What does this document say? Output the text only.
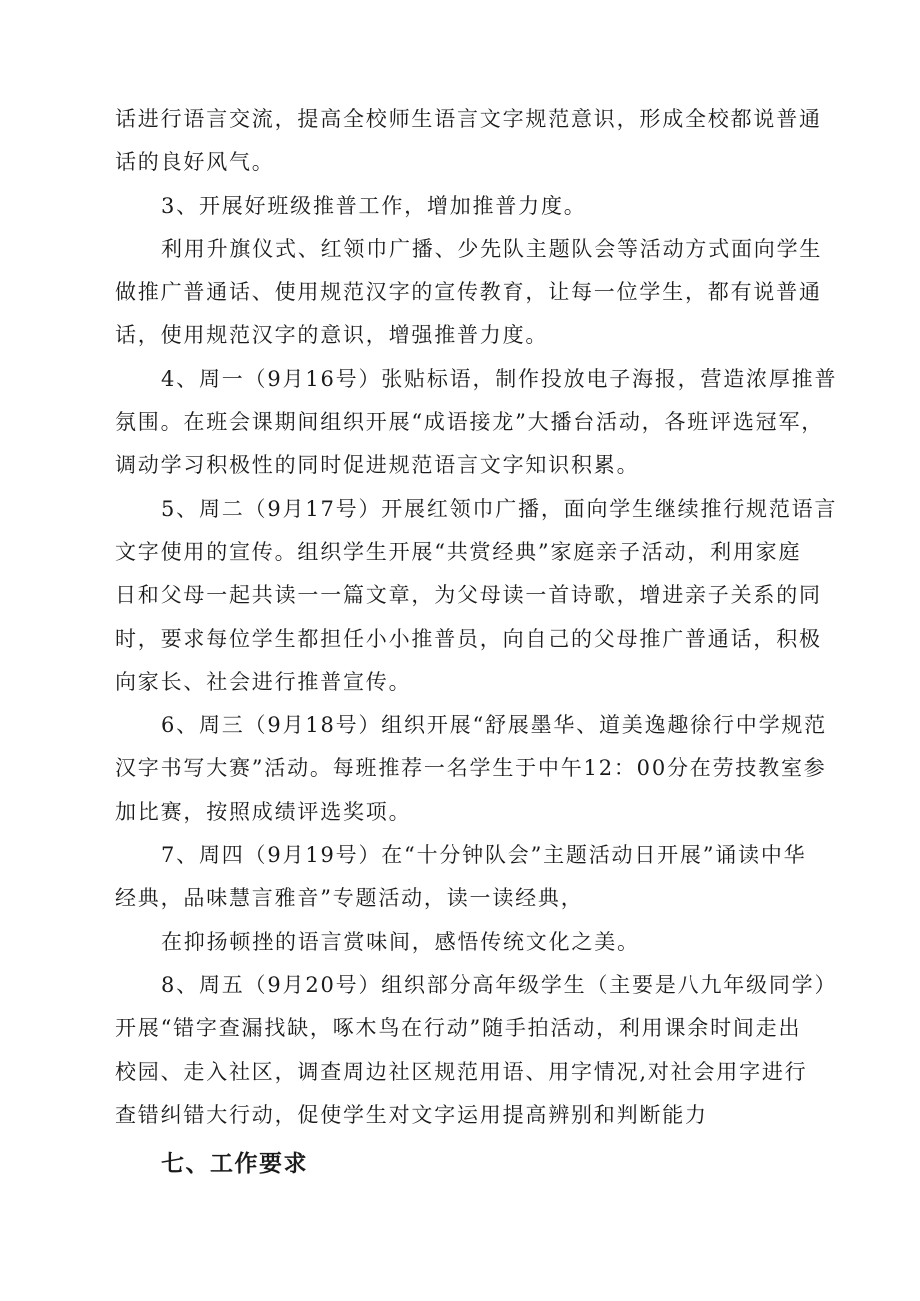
话进行语言交流，提高全校师生语言文字规范意识，形成全校都说普通
话的良好风气。
3、开展好班级推普工作，增加推普力度。
利用升旗仪式、红领巾广播、少先队主题队会等活动方式面向学生
做推广普通话、使用规范汉字的宣传教育，让每一位学生，都有说普通
话，使用规范汉字的意识，增强推普力度。
4、周一（9月16号）张贴标语，制作投放电子海报，营造浓厚推普
氛围。在班会课期间组织开展“成语接龙”大播台活动，各班评选冠军，
调动学习积极性的同时促进规范语言文字知识积累。
5、周二（9月17号）开展红领巾广播，面向学生继续推行规范语言
文字使用的宣传。组织学生开展“共赏经典”家庭亲子活动，利用家庭
日和父母一起共读一一篇文章，为父母读一首诗歌，增进亲子关系的同
时，要求每位学生都担任小小推普员，向自己的父母推广普通话，积极
向家长、社会进行推普宣传。
6、周三（9月18号）组织开展“舒展墨华、道美逸趣徐行中学规范
汉字书写大赛”活动。每班推荐一名学生于中午12：00分在劳技教室参
加比赛，按照成绩评选奖项。
7、周四（9月19号）在“十分钟队会”主题活动日开展”诵读中华
经典，品味慧言雅音”专题活动，读一读经典，
在抑扬顿挫的语言赏味间，感悟传统文化之美。
8、周五（9月20号）组织部分高年级学生（主要是八九年级同学）
开展“错字查漏找缺，啄木鸟在行动”随手拍活动，利用课余时间走出
校园、走入社区，调查周边社区规范用语、用字情况,对社会用字进行
查错纠错大行动，促使学生对文字运用提高辨别和判断能力
七、工作要求
